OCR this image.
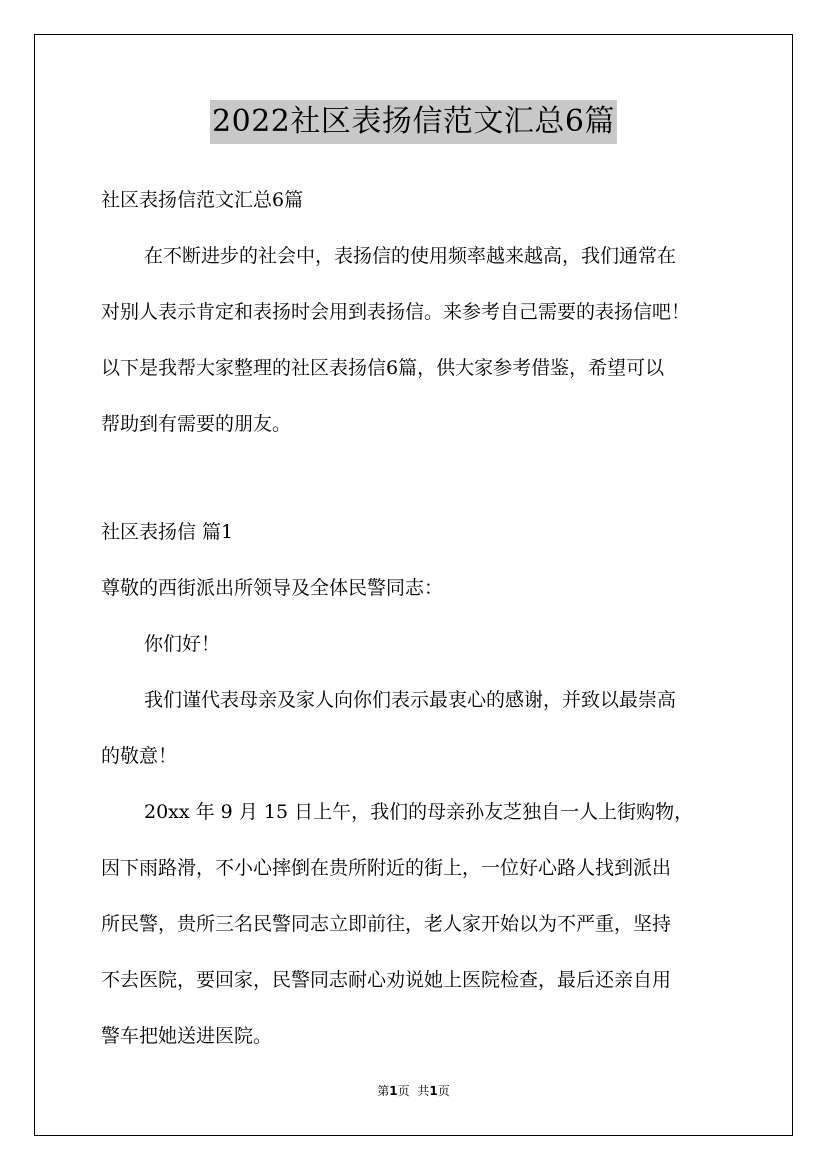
2022社区表扬信范文汇总6篇
社区表扬信范文汇总6篇
在不断进步的社会中，表扬信的使用频率越来越高，我们通常在
对别人表示肯定和表扬时会用到表扬信。来参考自己需要的表扬信吧！
以下是我帮大家整理的社区表扬信6篇，供大家参考借鉴，希望可以
帮助到有需要的朋友。
社区表扬信 篇1
尊敬的西街派出所领导及全体民警同志：
你们好！
我们谨代表母亲及家人向你们表示最衷心的感谢，并致以最崇高
的敬意！
20xx 年 9 月 15 日上午，我们的母亲孙友芝独自一人上街购物，
因下雨路滑，不小心摔倒在贵所附近的街上，一位好心路人找到派出
所民警，贵所三名民警同志立即前往，老人家开始以为不严重，坚持
不去医院，要回家，民警同志耐心劝说她上医院检查，最后还亲自用
警车把她送进医院。
第1页 共1页
